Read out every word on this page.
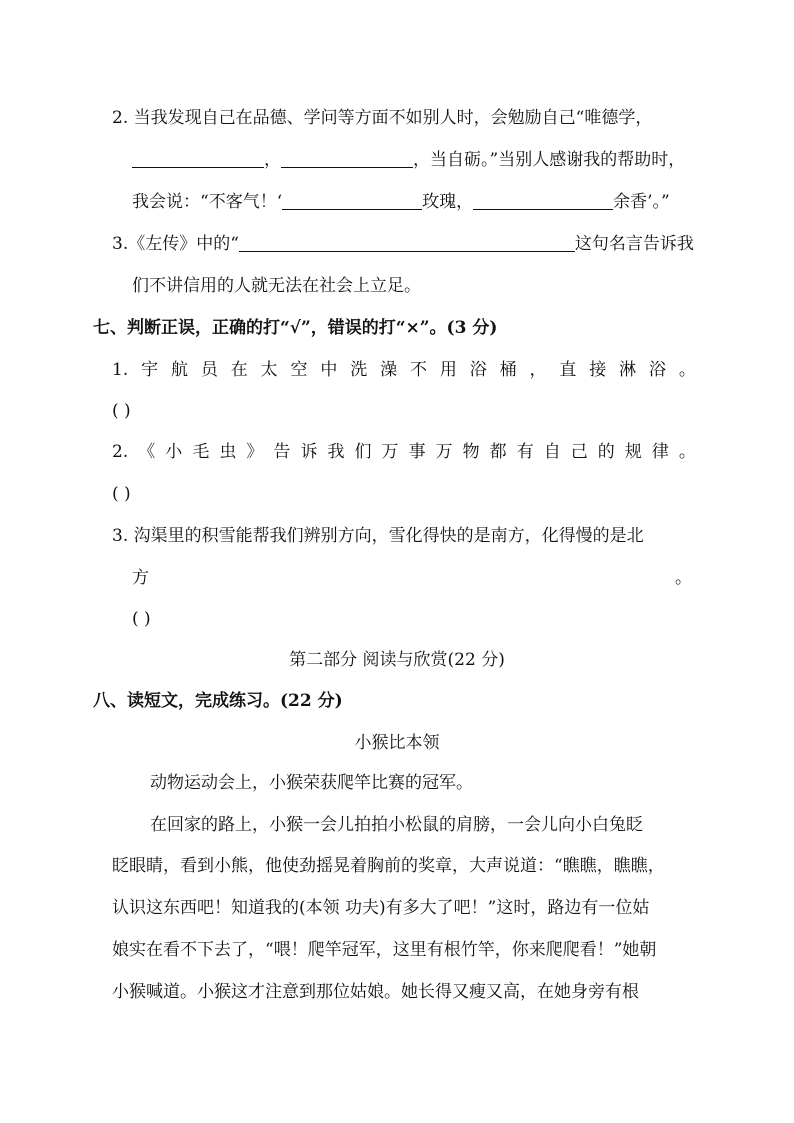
2. 当我发现自己在品德、学问等方面不如别人时，会勉励自己“唯德学，
，	，当自砺。”当别人感谢我的帮助时，
我会说：“不客气！‘	玫瑰，	余香’。”
3.《左传》中的“	这句名言告诉我
们不讲信用的人就无法在社会上立足。
七、判断正误，正确的打“√”，错误的打“×”。(3 分)
1. 宇 航 员 在 太 空 中 洗 澡 不 用 浴 桶 ， 直 接 淋 浴 。
( )
2. 《 小 毛 虫 》 告 诉 我 们 万 事 万 物 都 有 自 己 的 规 律 。
( )
3. 沟渠里的积雪能帮我们辨别方向，雪化得快的是南方，化得慢的是北
方	。
( )
第二部分 阅读与欣赏(22 分)
八、读短文，完成练习。(22 分)
小猴比本领
动物运动会上，小猴荣获爬竿比赛的冠军。
在回家的路上，小猴一会儿拍拍小松鼠的肩膀，一会儿向小白兔眨
眨眼睛，看到小熊，他使劲摇晃着胸前的奖章，大声说道：“瞧瞧，瞧瞧，
认识这东西吧！知道我的(本领 功夫)有多大了吧！”这时，路边有一位姑
娘实在看不下去了，“喂！爬竿冠军，这里有根竹竿，你来爬爬看！”她朝
小猴喊道。小猴这才注意到那位姑娘。她长得又瘦又高，在她身旁有根
